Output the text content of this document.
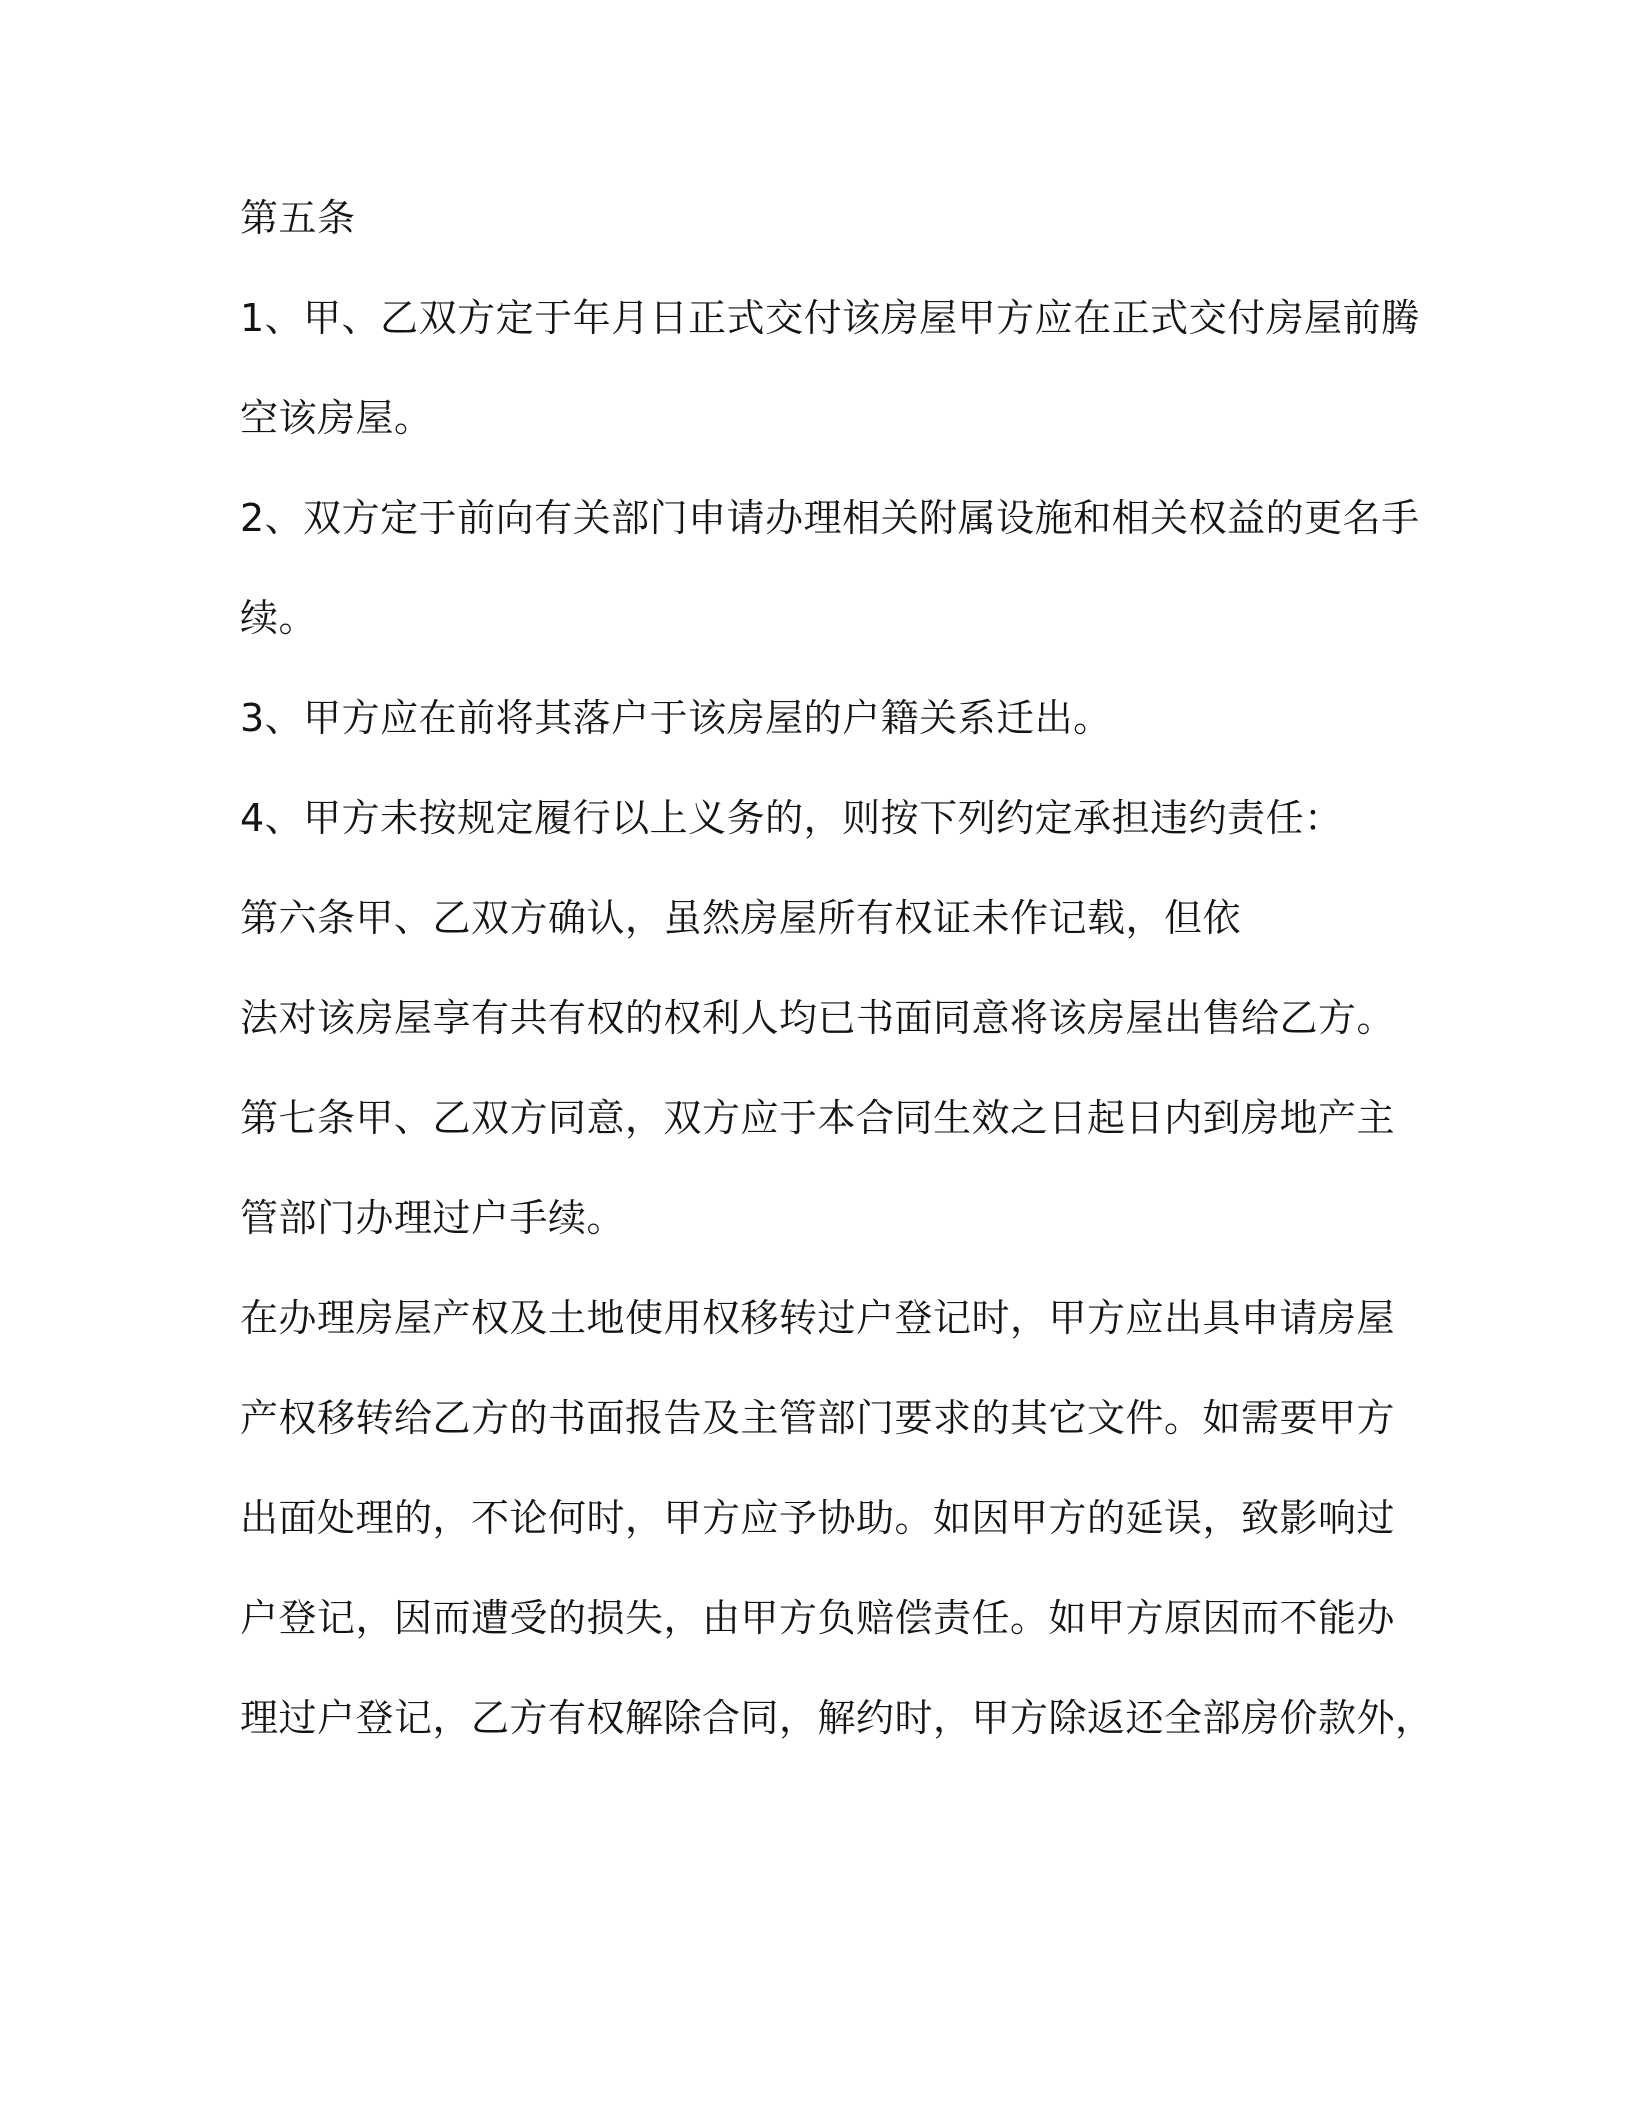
第五条
1、甲、乙双方定于年月日正式交付该房屋甲方应在正式交付房屋前腾
空该房屋。
2、双方定于前向有关部门申请办理相关附属设施和相关权益的更名手
续。
3、甲方应在前将其落户于该房屋的户籍关系迁出。
4、甲方未按规定履行以上义务的，则按下列约定承担违约责任：
第六条甲、乙双方确认，虽然房屋所有权证未作记载，但依
法对该房屋享有共有权的权利人均已书面同意将该房屋出售给乙方。
第七条甲、乙双方同意，双方应于本合同生效之日起日内到房地产主
管部门办理过户手续。
在办理房屋产权及土地使用权移转过户登记时，甲方应出具申请房屋
产权移转给乙方的书面报告及主管部门要求的其它文件。如需要甲方
出面处理的，不论何时，甲方应予协助。如因甲方的延误，致影响过
户登记，因而遭受的损失，由甲方负赔偿责任。如甲方原因而不能办
理过户登记，乙方有权解除合同，解约时，甲方除返还全部房价款外，
